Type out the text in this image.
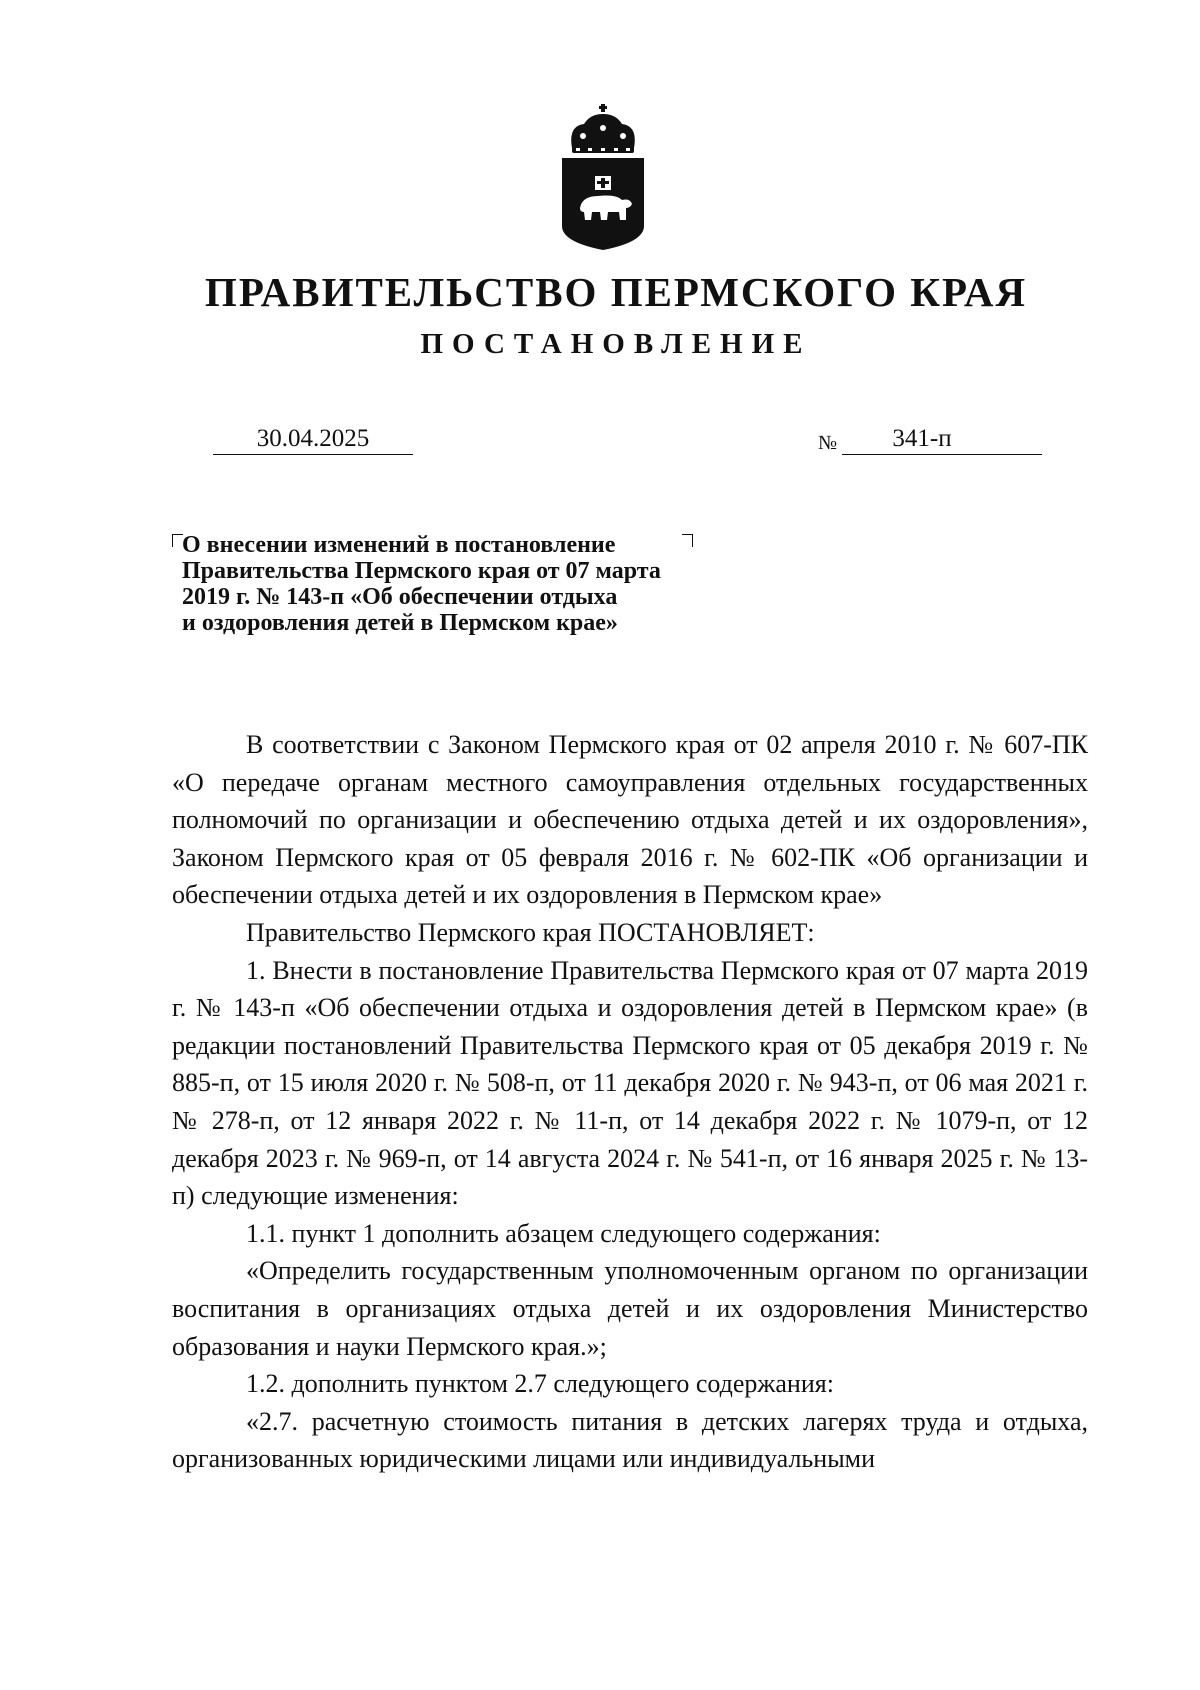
ПРАВИТЕЛЬСТВО ПЕРМСКОГО КРАЯ
ПОСТАНОВЛЕНИЕ
30.04.2025	№	341-п
О внесении изменений в постановление
Правительства Пермского края от 07 марта
2019 г. № 143-п «Об обеспечении отдыха
и оздоровления детей в Пермском крае»

В соответствии с Законом Пермского края от 02 апреля 2010 г. № 607-ПК «О передаче органам местного самоуправления отдельных государственных полномочий по организации и обеспечению отдыха детей и их оздоровления», Законом Пермского края от 05 февраля 2016 г. № 602-ПК «Об организации и обеспечении отдыха детей и их оздоровления в Пермском крае»

Правительство Пермского края ПОСТАНОВЛЯЕТ:

1. Внести в постановление Правительства Пермского края от 07 марта 2019 г. № 143-п «Об обеспечении отдыха и оздоровления детей в Пермском крае» (в редакции постановлений Правительства Пермского края от 05 декабря 2019 г. № 885-п, от 15 июля 2020 г. № 508-п, от 11 декабря 2020 г. № 943-п, от 06 мая 2021 г. № 278-п, от 12 января 2022 г. № 11-п, от 14 декабря 2022 г. № 1079-п, от 12 декабря 2023 г. № 969-п, от 14 августа 2024 г. № 541-п, от 16 января 2025 г. № 13-п) следующие изменения:

1.1. пункт 1 дополнить абзацем следующего содержания:

«Определить государственным уполномоченным органом по организации воспитания в организациях отдыха детей и их оздоровления Министерство образования и науки Пермского края.»;

1.2. дополнить пунктом 2.7 следующего содержания:

«2.7. расчетную стоимость питания в детских лагерях труда и отдыха, организованных юридическими лицами или индивидуальными
